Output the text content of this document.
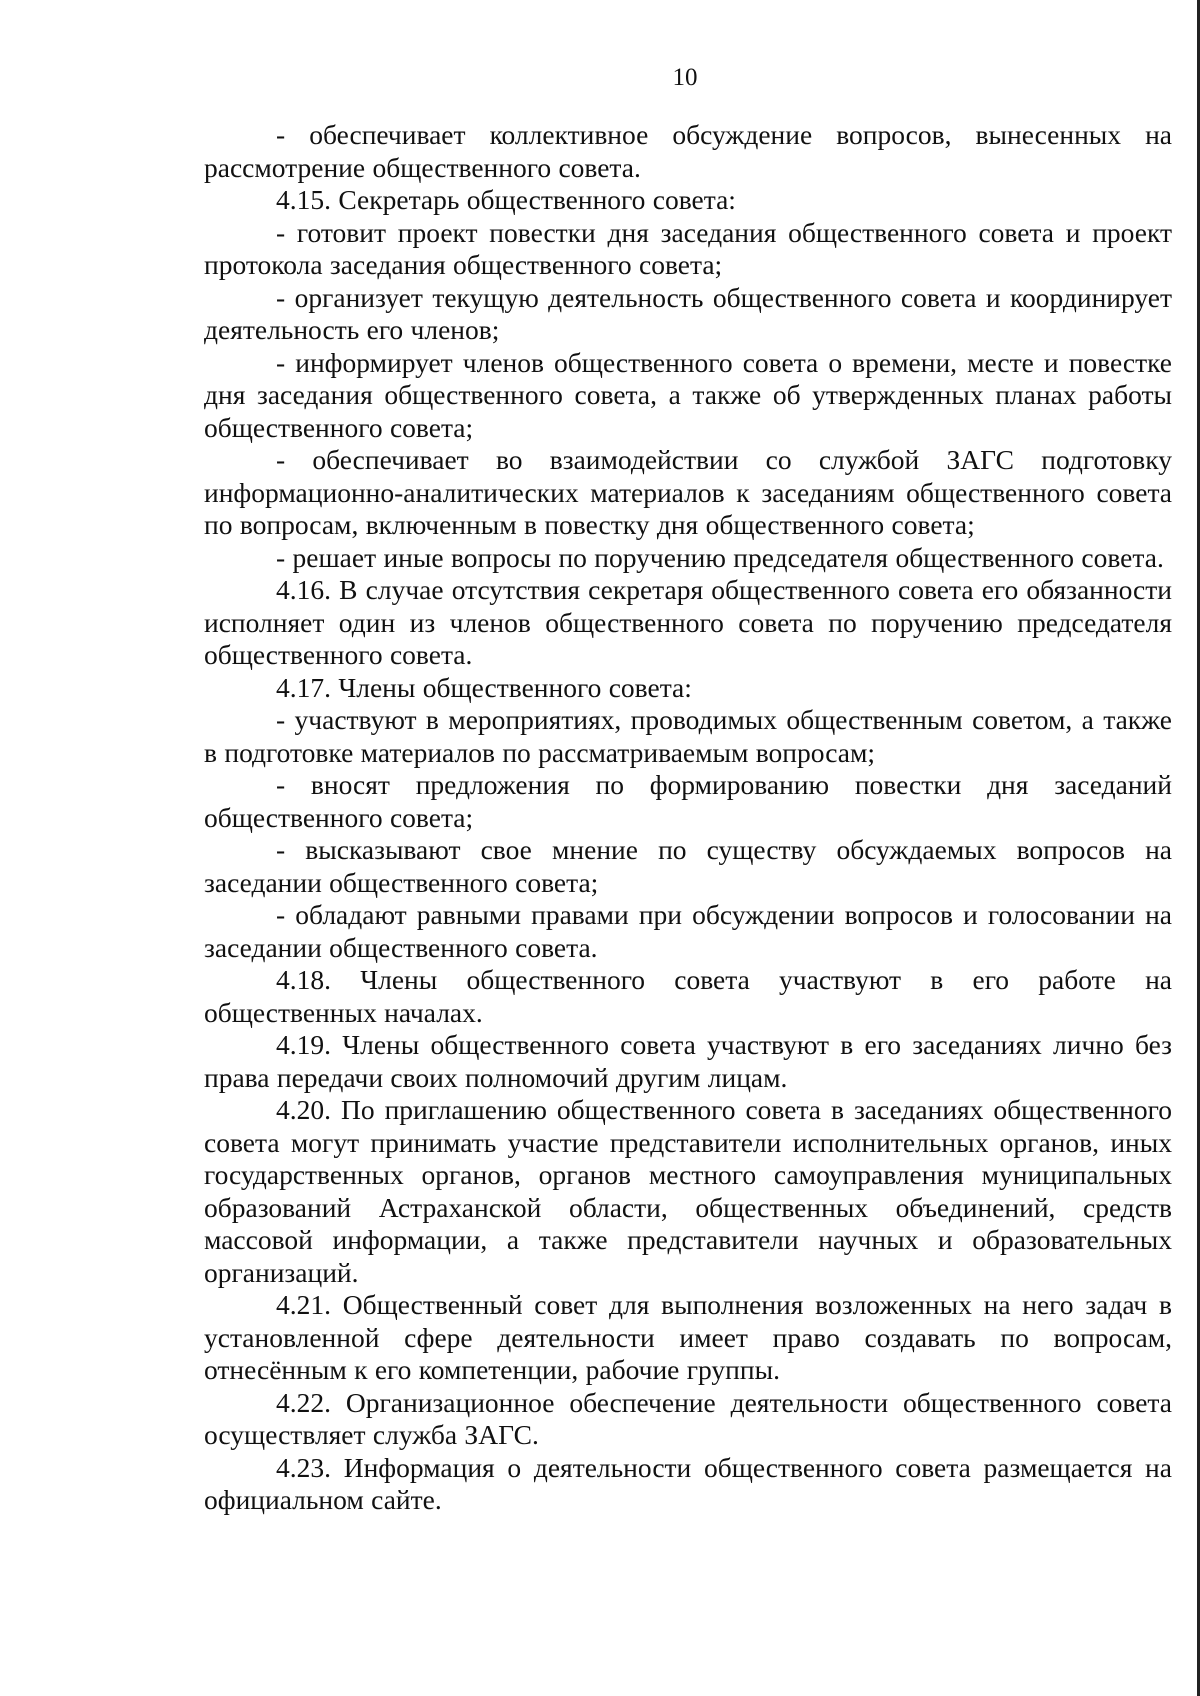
10

- обеспечивает коллективное обсуждение вопросов, вынесенных на рассмотрение общественного совета.

4.15. Секретарь общественного совета:

- готовит проект повестки дня заседания общественного совета и проект протокола заседания общественного совета;

- организует текущую деятельность общественного совета и координирует деятельность его членов;

- информирует членов общественного совета о времени, месте и повестке дня заседания общественного совета, а также об утвержденных планах работы общественного совета;

- обеспечивает во взаимодействии со службой ЗАГС подготовку информационно-аналитических материалов к заседаниям общественного совета по вопросам, включенным в повестку дня общественного совета;

- решает иные вопросы по поручению председателя общественного совета.

4.16. В случае отсутствия секретаря общественного совета его обязанности исполняет один из членов общественного совета по поручению председателя общественного совета.

4.17. Члены общественного совета:

- участвуют в мероприятиях, проводимых общественным советом, а также в подготовке материалов по рассматриваемым вопросам;

- вносят предложения по формированию повестки дня заседаний общественного совета;

- высказывают свое мнение по существу обсуждаемых вопросов на заседании общественного совета;

- обладают равными правами при обсуждении вопросов и голосовании на заседании общественного совета.

4.18. Члены общественного совета участвуют в его работе на общественных началах.

4.19. Члены общественного совета участвуют в его заседаниях лично без права передачи своих полномочий другим лицам.

4.20. По приглашению общественного совета в заседаниях общественного совета могут принимать участие представители исполнительных органов, иных государственных органов, органов местного самоуправления муниципальных образований Астраханской области, общественных объединений, средств массовой информации, а также представители научных и образовательных организаций.

4.21. Общественный совет для выполнения возложенных на него задач в установленной сфере деятельности имеет право создавать по вопросам, отнесённым к его компетенции, рабочие группы.

4.22. Организационное обеспечение деятельности общественного совета осуществляет служба ЗАГС.

4.23. Информация о деятельности общественного совета размещается на официальном сайте.
